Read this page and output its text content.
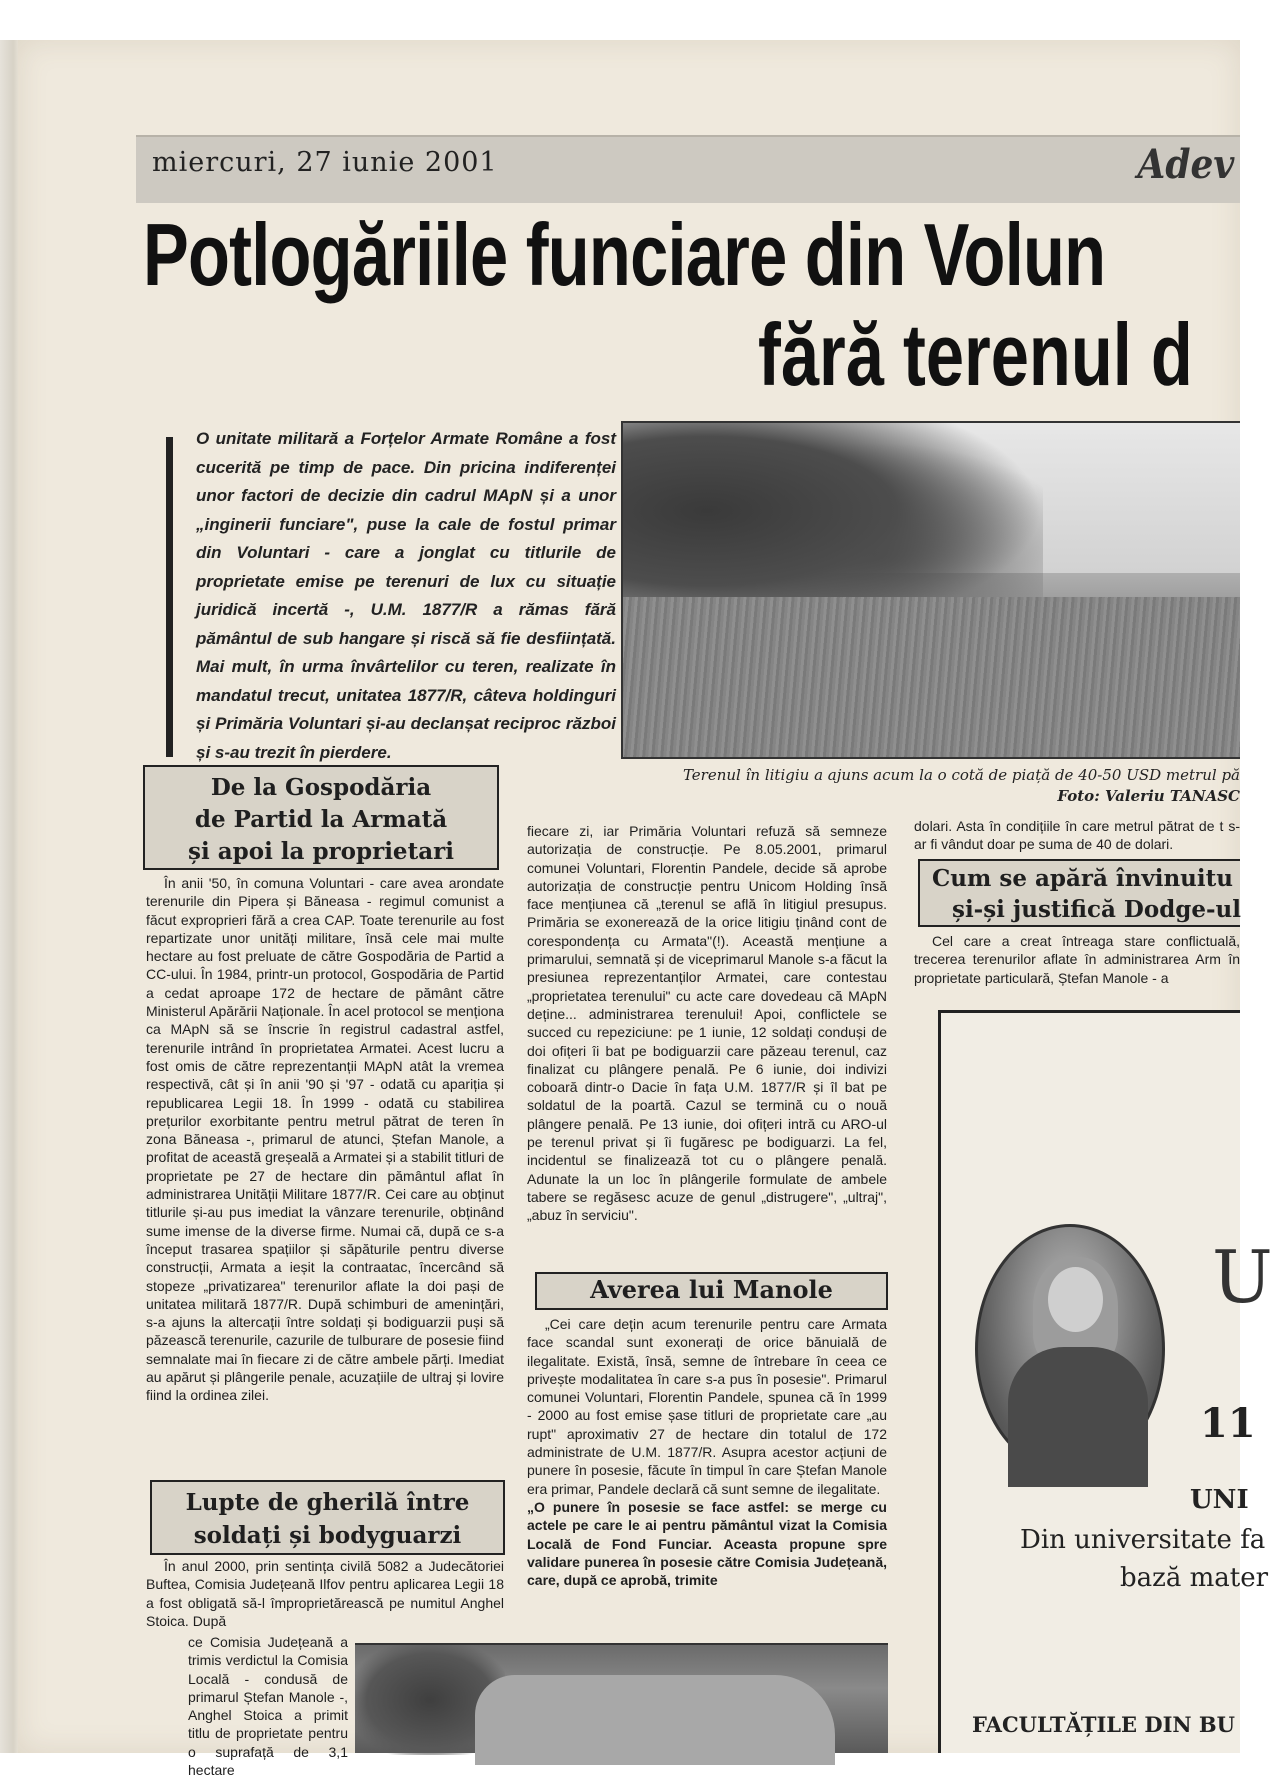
miercuri, 27 iunie 2001	Adev
Potlogăriile funciare din Volun
fără terenul d
O unitate militară a Forțelor Armate Române a fost cucerită pe timp de pace. Din pricina indiferenței unor factori de decizie din cadrul MApN și a unor „inginerii funciare", puse la cale de fostul primar din Voluntari - care a jonglat cu titlurile de proprietate emise pe terenuri de lux cu situație juridică incertă -, U.M. 1877/R a rămas fără pământul de sub hangare și riscă să fie desființată. Mai mult, în urma învârtelilor cu teren, realizate în mandatul trecut, unitatea 1877/R, câteva holdinguri și Primăria Voluntari și-au declanșat reciproc război și s-au trezit în pierdere.
Terenul în litigiu a ajuns acum la o cotă de piață de 40-50 USD metrul pă
Foto: Valeriu TANASC
De la Gospodăria
de Partid la Armată
și apoi la proprietari

În anii '50, în comuna Voluntari - care avea arondate terenurile din Pipera și Băneasa - regimul comunist a făcut exproprieri fără a crea CAP. Toate terenurile au fost repartizate unor unități militare, însă cele mai multe hectare au fost preluate de către Gospodăria de Partid a CC-ului. În 1984, printr-un protocol, Gospodăria de Partid a cedat aproape 172 de hectare de pământ către Ministerul Apărării Naționale. În acel protocol se menționa ca MApN să se înscrie în registrul cadastral astfel, terenurile intrând în proprietatea Armatei. Acest lucru a fost omis de către reprezentanții MApN atât la vremea respectivă, cât și în anii '90 și '97 - odată cu apariția și republicarea Legii 18. În 1999 - odată cu stabilirea prețurilor exorbitante pentru metrul pătrat de teren în zona Băneasa -, primarul de atunci, Ștefan Manole, a profitat de această greșeală a Armatei și a stabilit titluri de proprietate pe 27 de hectare din pământul aflat în administrarea Unității Militare 1877/R. Cei care au obținut titlurile și-au pus imediat la vânzare terenurile, obținând sume imense de la diverse firme. Numai că, după ce s-a început trasarea spațiilor și săpăturile pentru diverse construcții, Armata a ieșit la contraatac, încercând să stopeze „privatizarea" terenurilor aflate la doi pași de unitatea militară 1877/R. După schimburi de amenințări, s-a ajuns la altercații între soldați și bodiguarzii puși să păzească terenurile, cazurile de tulburare de posesie fiind semnalate mai în fiecare zi de către ambele părți. Imediat au apărut și plângerile penale, acuzațiile de ultraj și lovire fiind la ordinea zilei.

Lupte de gherilă între
soldați și bodyguarzi

În anul 2000, prin sentința civilă 5082 a Judecătoriei Buftea, Comisia Județeană Ilfov pentru aplicarea Legii 18 a fost obligată să-l împroprietărească pe numitul Anghel Stoica. După

ce Comisia Județeană a trimis verdictul la Comisia Locală - condusă de primarul Ștefan Manole -, Anghel Stoica a primit titlu de proprietate pentru o suprafață de 3,1 hectare

fiecare zi, iar Primăria Voluntari refuză să semneze autorizația de construcție. Pe 8.05.2001, primarul comunei Voluntari, Florentin Pandele, decide să aprobe autorizația de construcție pentru Unicom Holding însă face mențiunea că „terenul se află în litigiul presupus. Primăria se exonerează de la orice litigiu ținând cont de corespondența cu Armata"(!). Această mențiune a primarului, semnată și de viceprimarul Manole s-a făcut la presiunea reprezentanților Armatei, care contestau „proprietatea terenului" cu acte care dovedeau că MApN deține... administrarea terenului! Apoi, conflictele se succed cu repeziciune: pe 1 iunie, 12 soldați conduși de doi ofițeri îi bat pe bodiguarzii care păzeau terenul, caz finalizat cu plângere penală. Pe 6 iunie, doi indivizi coboară dintr-o Dacie în fața U.M. 1877/R și îl bat pe soldatul de la poartă. Cazul se termină cu o nouă plângere penală. Pe 13 iunie, doi ofițeri intră cu ARO-ul pe terenul privat și îi fugăresc pe bodiguarzi. La fel, incidentul se finalizează tot cu o plângere penală. Adunate la un loc în plângerile formulate de ambele tabere se regăsesc acuze de genul „distrugere", „ultraj", „abuz în serviciu".

Averea lui Manole

„Cei care dețin acum terenurile pentru care Armata face scandal sunt exonerați de orice bănuială de ilegalitate. Există, însă, semne de întrebare în ceea ce privește modalitatea în care s-a pus în posesie". Primarul comunei Voluntari, Florentin Pandele, spunea că în 1999 - 2000 au fost emise șase titluri de proprietate care „au rupt" aproximativ 27 de hectare din totalul de 172 administrate de U.M. 1877/R. Asupra acestor acțiuni de punere în posesie, făcute în timpul în care Ștefan Manole era primar, Pandele declară că sunt semne de ilegalitate.

„O punere în posesie se face astfel: se merge cu actele pe care le ai pentru pământul vizat la Comisia Locală de Fond Funciar. Aceasta propune spre validare punerea în posesie către Comisia Județeană, care, după ce aprobă, trimite

dolari. Asta în condițiile în care metrul pătrat de t s-ar fi vândut doar pe suma de 40 de dolari.

Cum se apără învinuitu
și-și justifică Dodge-ul

Cel care a creat întreaga stare conflictuală, trecerea terenurilor aflate în administrarea Arm în proprietate particulară, Ștefan Manole - a

U
11
UNI
Din universitate fa
bază mater
FACULTĂȚILE DIN BU
